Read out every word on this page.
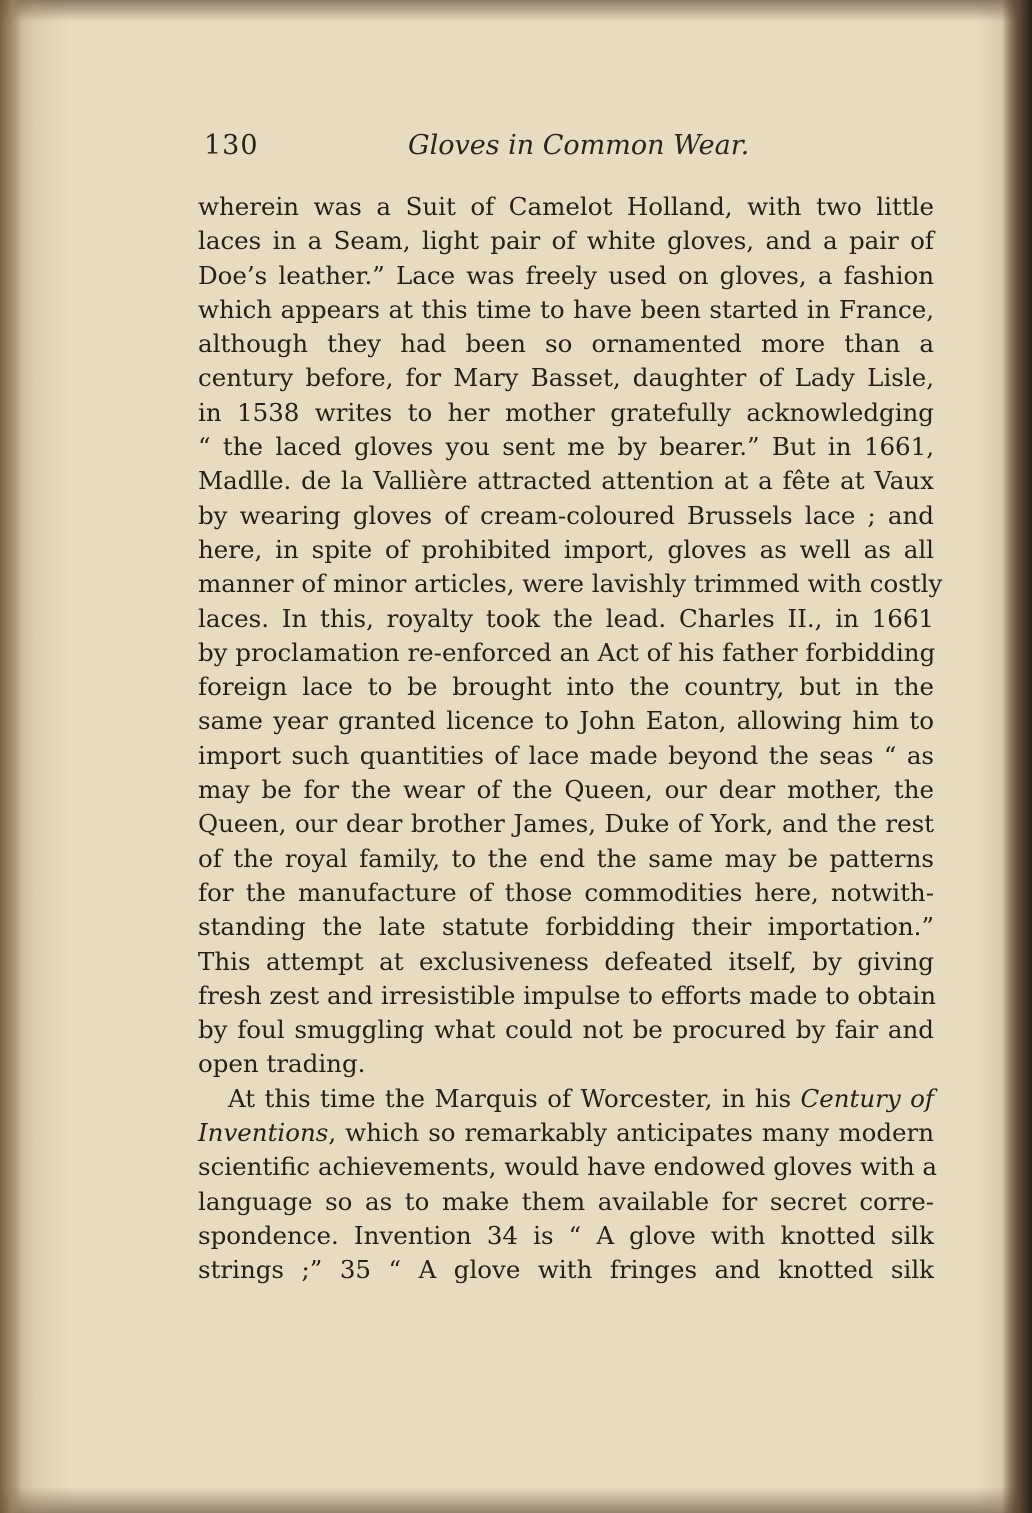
130	Gloves in Common Wear.
wherein was a Suit of Camelot Holland, with two little
laces in a Seam, light pair of white gloves, and a pair of
Doe’s leather.” Lace was freely used on gloves, a fashion
which appears at this time to have been started in France,
although they had been so ornamented more than a
century before, for Mary Basset, daughter of Lady Lisle,
in 1538 writes to her mother gratefully acknowledging
“ the laced gloves you sent me by bearer.” But in 1661,
Madlle. de la Vallière attracted attention at a fête at Vaux
by wearing gloves of cream-coloured Brussels lace ; and
here, in spite of prohibited import, gloves as well as all
manner of minor articles, were lavishly trimmed with costly
laces. In this, royalty took the lead. Charles II., in 1661
by proclamation re-enforced an Act of his father forbidding
foreign lace to be brought into the country, but in the
same year granted licence to John Eaton, allowing him to
import such quantities of lace made beyond the seas “ as
may be for the wear of the Queen, our dear mother, the
Queen, our dear brother James, Duke of York, and the rest
of the royal family, to the end the same may be patterns
for the manufacture of those commodities here, notwith-
standing the late statute forbidding their importation.”
This attempt at exclusiveness defeated itself, by giving
fresh zest and irresistible impulse to efforts made to obtain
by foul smuggling what could not be procured by fair and
open trading.
At this time the Marquis of Worcester, in his Century of
Inventions, which so remarkably anticipates many modern
scientific achievements, would have endowed gloves with a
language so as to make them available for secret corre-
spondence. Invention 34 is “ A glove with knotted silk
strings ;” 35 “ A glove with fringes and knotted silk
